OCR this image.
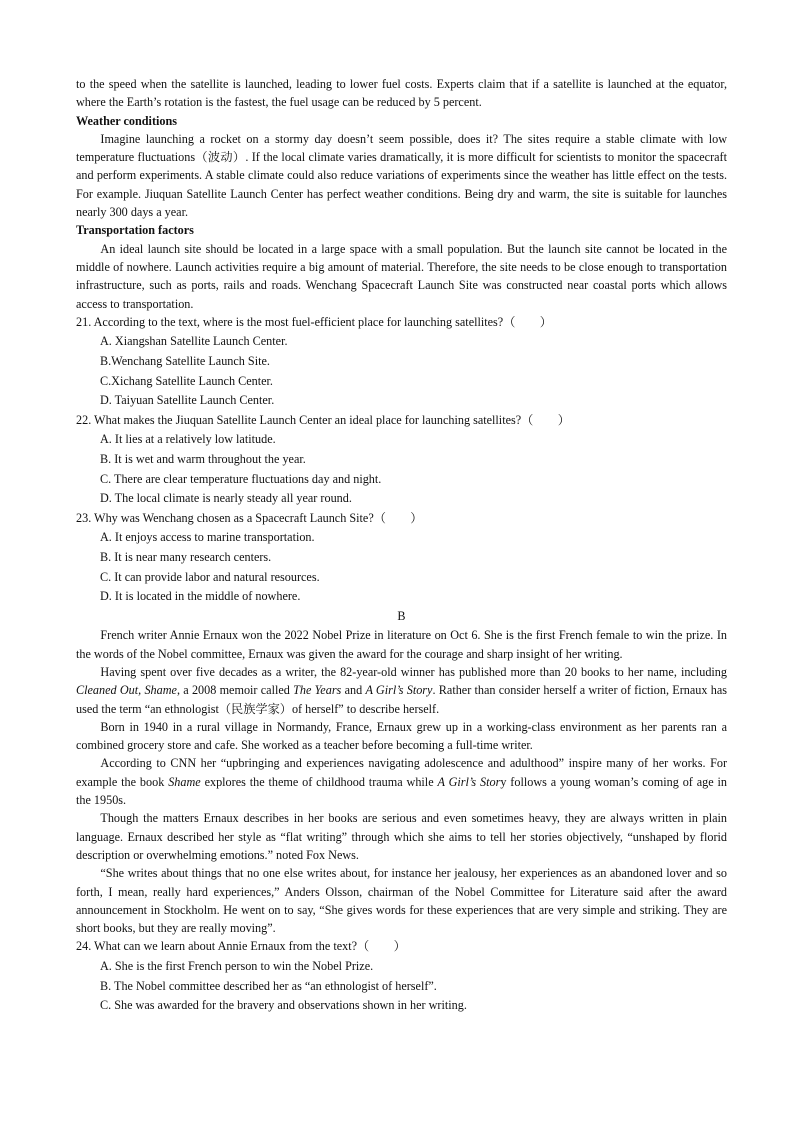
to the speed when the satellite is launched, leading to lower fuel costs. Experts claim that if a satellite is launched at the equator, where the Earth’s rotation is the fastest, the fuel usage can be reduced by 5 percent.

Weather conditions

Imagine launching a rocket on a stormy day doesn’t seem possible, does it? The sites require a stable climate with low temperature fluctuations（波动）. If the local climate varies dramatically, it is more difficult for scientists to monitor the spacecraft and perform experiments. A stable climate could also reduce variations of experiments since the weather has little effect on the tests. For example. Jiuquan Satellite Launch Center has perfect weather conditions. Being dry and warm, the site is suitable for launches nearly 300 days a year.

Transportation factors

An ideal launch site should be located in a large space with a small population. But the launch site cannot be located in the middle of nowhere. Launch activities require a big amount of material. Therefore, the site needs to be close enough to transportation infrastructure, such as ports, rails and roads. Wenchang Spacecraft Launch Site was constructed near coastal ports which allows access to transportation.

21. According to the text, where is the most fuel-efficient place for launching satellites?（　　）

A. Xiangshan Satellite Launch Center.

B.Wenchang Satellite Launch Site.

C.Xichang Satellite Launch Center.

D. Taiyuan Satellite Launch Center.

22. What makes the Jiuquan Satellite Launch Center an ideal place for launching satellites?（　　）

A. It lies at a relatively low latitude.

B. It is wet and warm throughout the year.

C. There are clear temperature fluctuations day and night.

D. The local climate is nearly steady all year round.

23. Why was Wenchang chosen as a Spacecraft Launch Site?（　　）

A. It enjoys access to marine transportation.

B. It is near many research centers.

C. It can provide labor and natural resources.

D. It is located in the middle of nowhere.

B

French writer Annie Ernaux won the 2022 Nobel Prize in literature on Oct 6. She is the first French female to win the prize. In the words of the Nobel committee, Ernaux was given the award for the courage and sharp insight of her writing.

Having spent over five decades as a writer, the 82-year-old winner has published more than 20 books to her name, including Cleaned Out, Shame, a 2008 memoir called The Years and A Girl’s Story. Rather than consider herself a writer of fiction, Ernaux has used the term “an ethnologist（民族学家）of herself” to describe herself.

Born in 1940 in a rural village in Normandy, France, Ernaux grew up in a working-class environment as her parents ran a combined grocery store and cafe. She worked as a teacher before becoming a full-time writer.

According to CNN her “upbringing and experiences navigating adolescence and adulthood” inspire many of her works. For example the book Shame explores the theme of childhood trauma while A Girl’s Story follows a young woman’s coming of age in the 1950s.

Though the matters Ernaux describes in her books are serious and even sometimes heavy, they are always written in plain language. Ernaux described her style as “flat writing” through which she aims to tell her stories objectively, “unshaped by florid description or overwhelming emotions.” noted Fox News.

“She writes about things that no one else writes about, for instance her jealousy, her experiences as an abandoned lover and so forth, I mean, really hard experiences,” Anders Olsson, chairman of the Nobel Committee for Literature said after the award announcement in Stockholm. He went on to say, “She gives words for these experiences that are very simple and striking. They are short books, but they are really moving”.

24. What can we learn about Annie Ernaux from the text?（　　）

A. She is the first French person to win the Nobel Prize.

B. The Nobel committee described her as “an ethnologist of herself”.

C. She was awarded for the bravery and observations shown in her writing.
